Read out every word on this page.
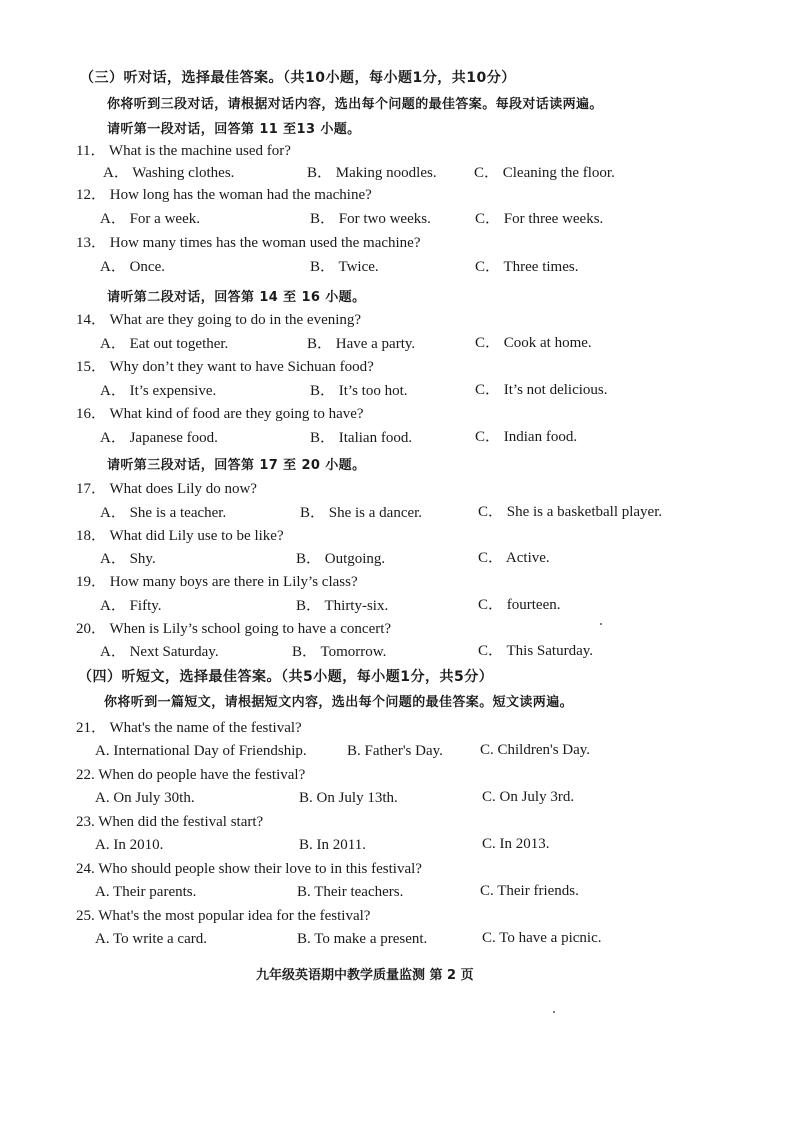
（三）听对话，选择最佳答案。（共10小题，每小题1分，共10分）
你将听到三段对话，请根据对话内容，选出每个问题的最佳答案。每段对话读两遍。
请听第一段对话，回答第 11 至13 小题。
11． What is the machine used for?
A． Washing clothes.	B． Making noodles. C． Cleaning the floor.
12． How long has the woman had the machine?
A． For a week.	B． For two weeks.	C． For three weeks.
13． How many times has the woman used the machine?
A． Once.	B． Twice.	C． Three times.
请听第二段对话，回答第 14 至 16 小题。
14． What are they going to do in the evening?
A． Eat out together.	B． Have a party.	C． Cook at home.
15． Why don’t they want to have Sichuan food?
A． It’s expensive.	B． It’s too hot.	C． It’s not delicious.
16． What kind of food are they going to have?
A． Japanese food.	B． Italian food.	C． Indian food.
请听第三段对话，回答第 17 至 20 小题。
17． What does Lily do now?
A． She is a teacher.	B． She is a dancer.	C． She is a basketball player.
18． What did Lily use to be like?
A． Shy.	B． Outgoing.	C． Active.
19． How many boys are there in Lily’s class?
A． Fifty.	B． Thirty-six.	C． fourteen.
20． When is Lily’s school going to have a concert?
A． Next Saturday.	B． Tomorrow.	C． This Saturday.
（四）听短文，选择最佳答案。（共5小题，每小题1分，共5分）
你将听到一篇短文，请根据短文内容，选出每个问题的最佳答案。短文读两遍。
21． What's the name of the festival?
A. International Day of Friendship.	B. Father's Day. C. Children's Day.
22. When do people have the festival?
A. On July 30th.	B. On July 13th.	C. On July 3rd.
23. When did the festival start?
A. In 2010.	B. In 2011.	C. In 2013.
24. Who should people show their love to in this festival?
A. Their parents.	B. Their teachers.	C. Their friends.
25. What's the most popular idea for the festival?
A. To write a card.	B. To make a present.	C. To have a picnic.
九年级英语期中教学质量监测 第 2 页
